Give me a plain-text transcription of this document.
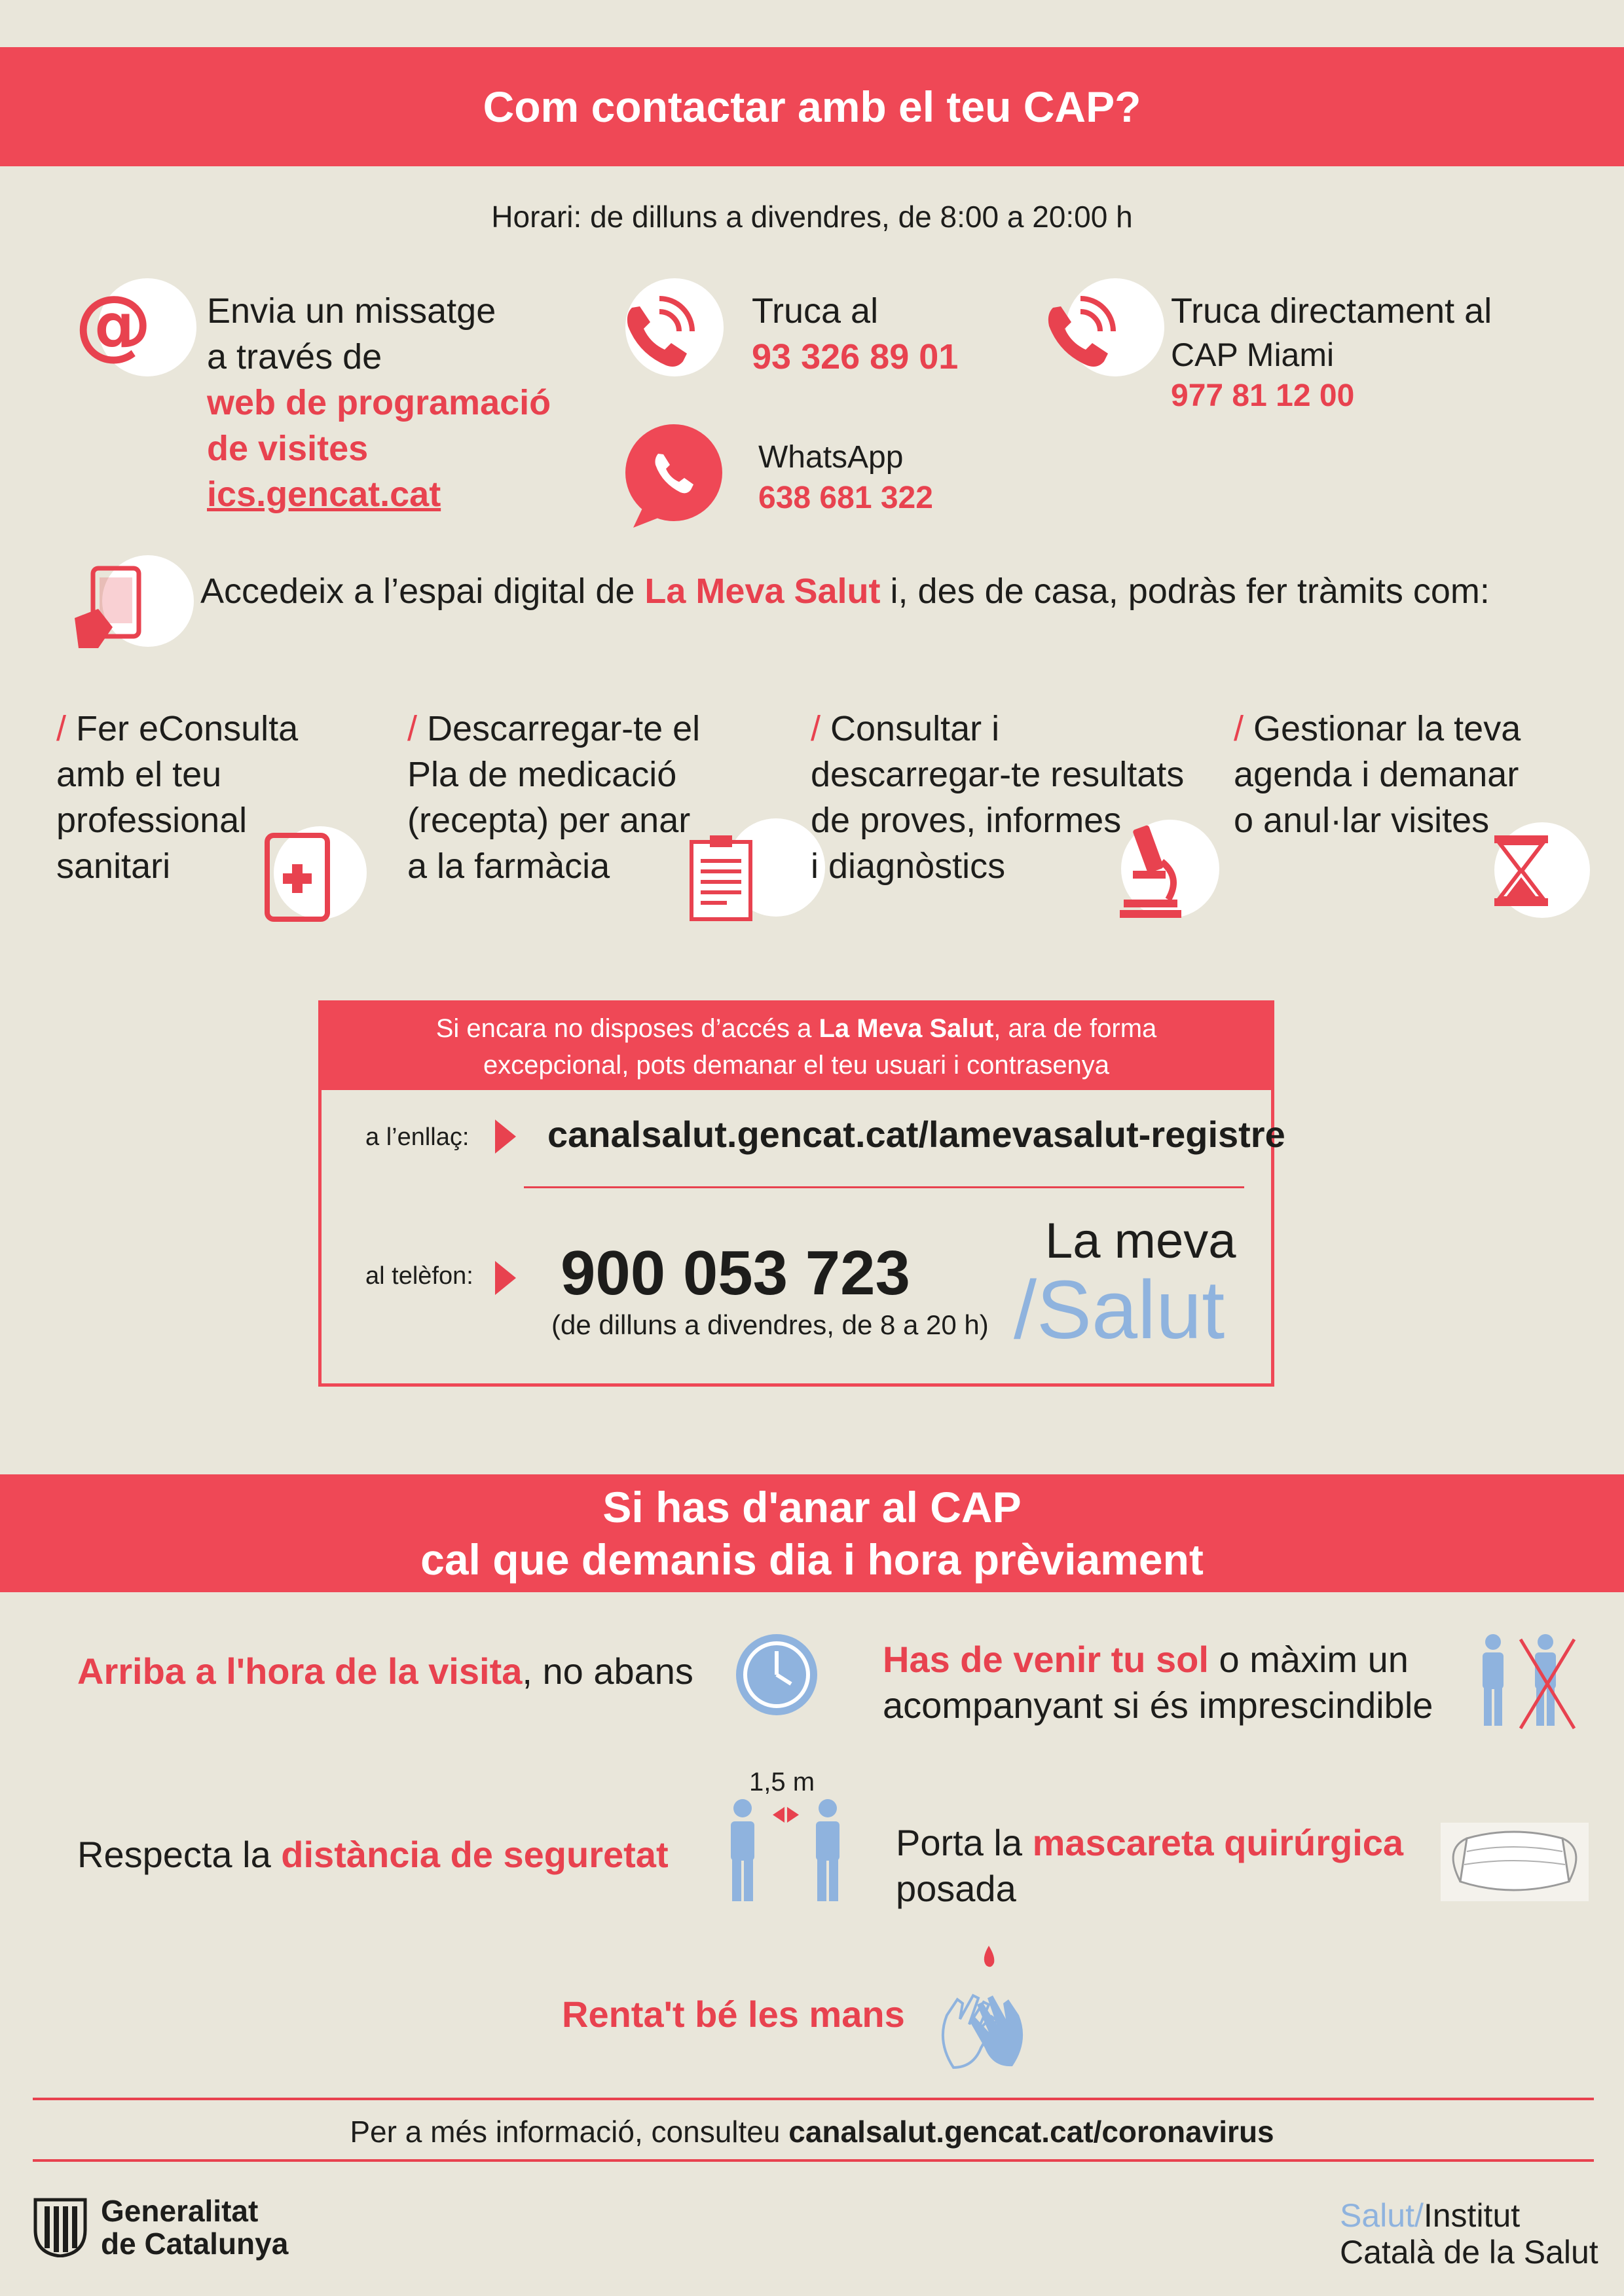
Com contactar amb el teu CAP?
Horari: de dilluns a divendres, de 8:00 a 20:00 h
@ Envia un missatge
a través de
web de programació
de visites
ics.gencat.cat
Truca al
93 326 89 01
WhatsApp
638 681 322
Truca directament al
CAP Miami
977 81 12 00
Accedeix a l’espai digital de La Meva Salut i, des de casa, podràs fer tràmits com:
/ Fer eConsulta
amb el teu
professional
sanitari
/ Descarregar-te el
Pla de medicació
(recepta) per anar
a la farmàcia
/ Consultar i
descarregar-te resultats
de proves, informes
i diagnòstics
/ Gestionar la teva
agenda i demanar
o anul·lar visites
Si encara no disposes d’accés a La Meva Salut, ara de forma
excepcional, pots demanar el teu usuari i contrasenya
a l’enllaç: canalsalut.gencat.cat/lamevasalut-registre
al telèfon: 900 053 723
(de dilluns a divendres, de 8 a 20 h)
La meva
/Salut
Si has d'anar al CAP
cal que demanis dia i hora prèviament
Arriba a l'hora de la visita, no abans	Has de venir tu sol o màxim un
acompanyant si és imprescindible
Respecta la distància de seguretat
1,5 m
Porta la mascareta quirúrgica
posada
Renta't bé les mans
Per a més informació, consulteu canalsalut.gencat.cat/coronavirus
Generalitat
de Catalunya
Salut/Institut
Català de la Salut
